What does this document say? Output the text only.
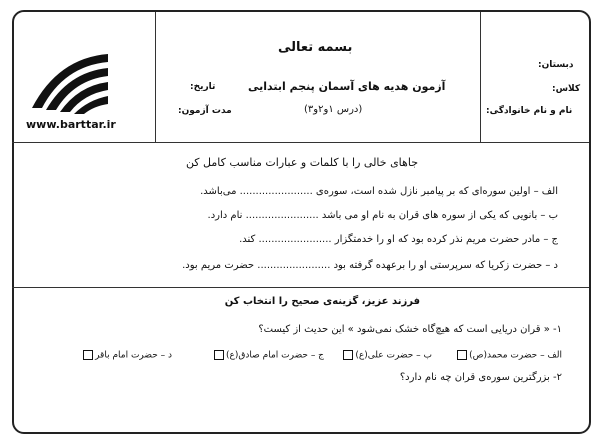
www.barttar.ir
بسمه تعالی
آزمون هدیه های آسمان پنجم ابتدایی
(درس ۱و۲و۳)
تاریخ:
مدت آزمون:
دبستان:
کلاس:
نام و نام خانوادگی:
جاهای خالی را با کلمات و عبارات مناسب کامل کن
الف – اولین سوره‌ای که بر پیامبر نازل شده است، سوره‌ی ....................... می‌باشد.
ب – بانویی که یکی از سوره های قران به نام او می باشد ....................... نام دارد.
ج – مادر حضرت مریم نذر کرده بود که او را خدمتگزار ....................... کند.
د – حضرت زکریا که سرپرستی او را برعهده گرفته بود ....................... حضرت مریم بود.
فرزند عزیز، گزینه‌ی صحیح را انتخاب کن
۱- « قران دریایی است که هیچ‌گاه خشک نمی‌شود » این حدیث از کیست؟
الف – حضرت محمد(ص)
ب – حضرت علی(ع)
ج – حضرت امام صادق(ع)
د – حضرت امام باقر
۲- بزرگترین سوره‌ی قران چه نام دارد؟
